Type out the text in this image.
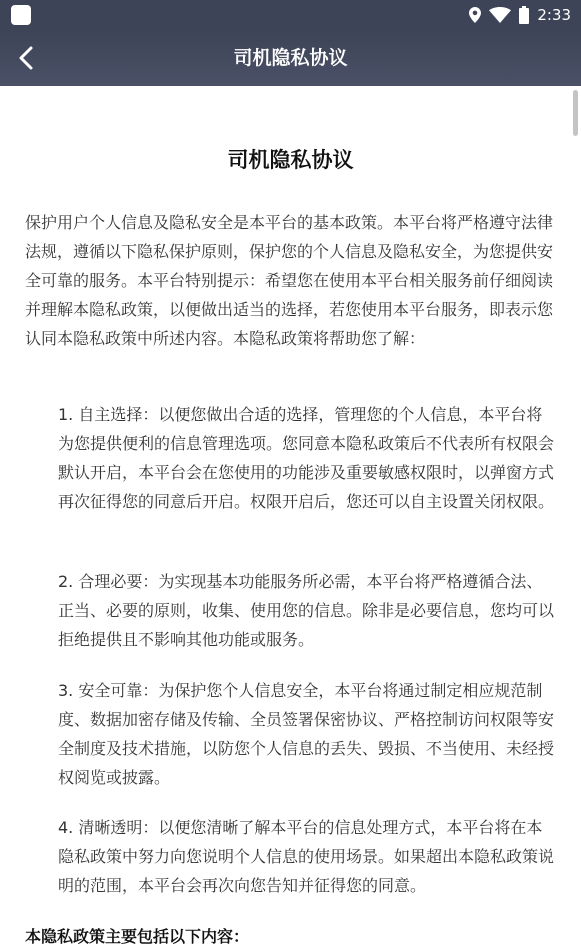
2:33
司机隐私协议
司机隐私协议

保护用户个人信息及隐私安全是本平台的基本政策。本平台将严格遵守法律法规，遵循以下隐私保护原则，保护您的个人信息及隐私安全，为您提供安全可靠的服务。本平台特别提示：希望您在使用本平台相关服务前仔细阅读并理解本隐私政策，以便做出适当的选择，若您使用本平台服务，即表示您认同本隐私政策中所述内容。本隐私政策将帮助您了解：

1. 自主选择：以便您做出合适的选择，管理您的个人信息，本平台将为您提供便利的信息管理选项。您同意本隐私政策后不代表所有权限会默认开启，本平台会在您使用的功能涉及重要敏感权限时，以弹窗方式再次征得您的同意后开启。权限开启后，您还可以自主设置关闭权限。

2. 合理必要：为实现基本功能服务所必需，本平台将严格遵循合法、正当、必要的原则，收集、使用您的信息。除非是必要信息，您均可以拒绝提供且不影响其他功能或服务。

3. 安全可靠：为保护您个人信息安全，本平台将通过制定相应规范制度、数据加密存储及传输、全员签署保密协议、严格控制访问权限等安全制度及技术措施，以防您个人信息的丢失、毁损、不当使用、未经授权阅览或披露。

4. 清晰透明：以便您清晰了解本平台的信息处理方式，本平台将在本隐私政策中努力向您说明个人信息的使用场景。如果超出本隐私政策说明的范围，本平台会再次向您告知并征得您的同意。

本隐私政策主要包括以下内容：
